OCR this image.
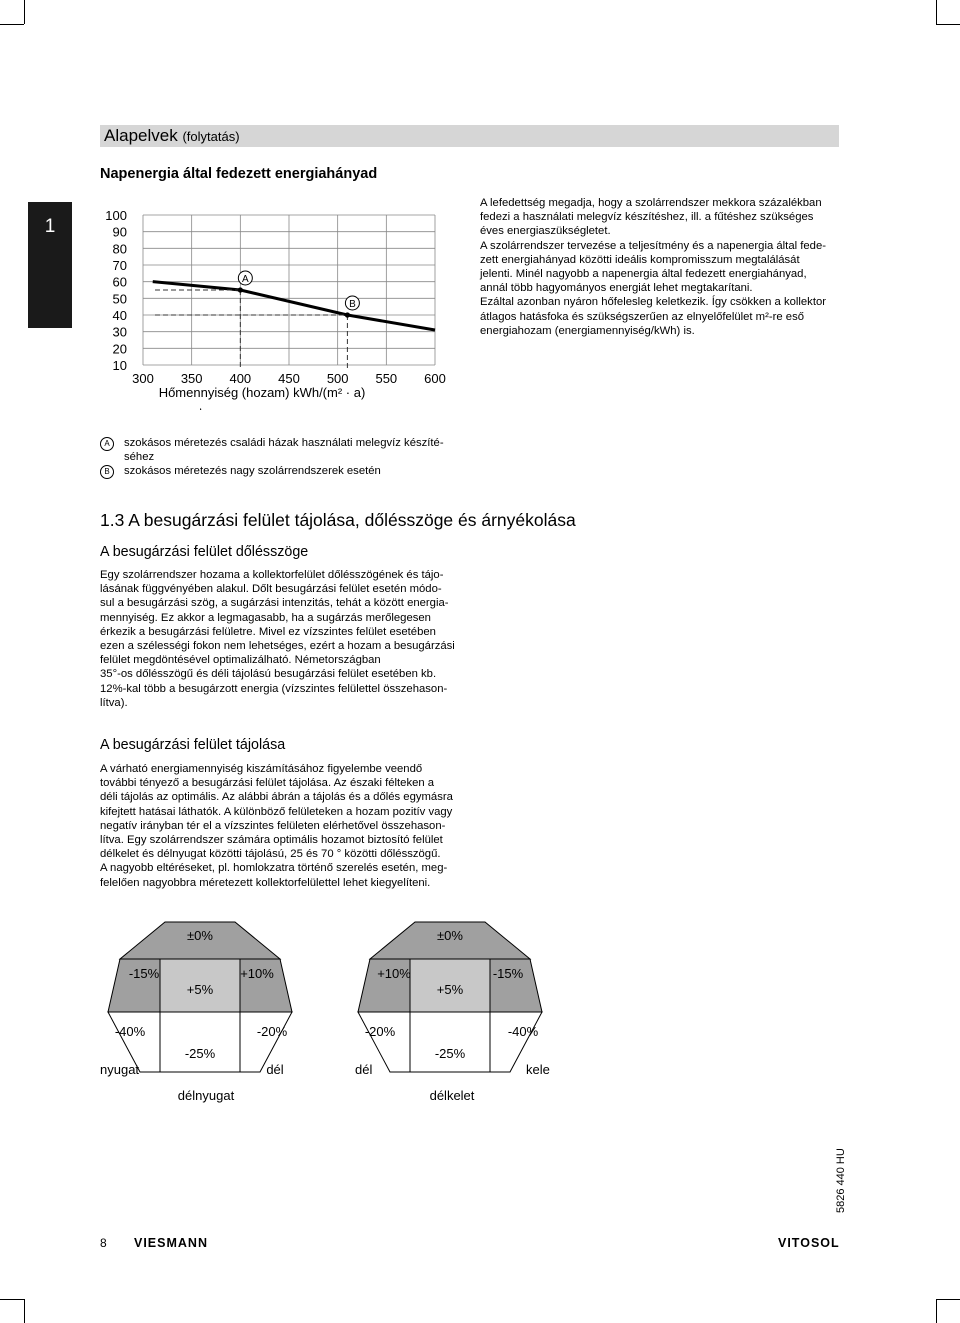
Alapelvek (folytatás)
1
Napenergia által fedezett energiahányad
100
90
80
70
60
50
40
30
20
10
300 350 400 450 500 550 600
A
B
Hőmennyiség (hozam) kWh/(m² · a)
A lefedettség megadja, hogy a szolárrendszer mekkora százalékban
fedezi a használati melegvíz készítéshez, ill. a fűtéshez szükséges
éves energiaszükségletet.
A szolárrendszer tervezése a teljesítmény és a napenergia által fede-
zett energiahányad közötti ideális kompromisszum megtalálását
jelenti. Minél nagyobb a napenergia által fedezett energiahányad,
annál több hagyományos energiát lehet megtakarítani.
Ezáltal azonban nyáron hőfelesleg keletkezik. Így csökken a kollektor
átlagos hatásfoka és szükségszerűen az elnyelőfelület m²-re eső
energiahozam (energiamennyiség/kWh) is.
A szokásos méretezés családi házak használati melegvíz készíté-
séhez
B szokásos méretezés nagy szolárrendszerek esetén
1.3 A besugárzási felület tájolása, dőlésszöge és árnyékolása
A besugárzási felület dőlésszöge
Egy szolárrendszer hozama a kollektorfelület dőlésszögének és tájo-
lásának függvényében alakul. Dőlt besugárzási felület esetén módo-
sul a besugárzási szög, a sugárzási intenzitás, tehát a között energia-
mennyiség. Ez akkor a legmagasabb, ha a sugárzás merőlegesen
érkezik a besugárzási felületre. Mivel ez vízszintes felület esetében
ezen a szélességi fokon nem lehetséges, ezért a hozam a besugárzási
felület megdöntésével optimalizálható. Németországban
35°-os dőlésszögű és déli tájolású besugárzási felület esetében kb.
12%-kal több a besugárzott energia (vízszintes felülettel összehason-
lítva).
A besugárzási felület tájolása
A várható energiamennyiség kiszámításához figyelembe veendő
további tényező a besugárzási felület tájolása. Az északi félteken a
déli tájolás az optimális. Az alábbi ábrán a tájolás és a dőlés egymásra
kifejtett hatásai láthatók. A különböző felületeken a hozam pozitív vagy
negatív irányban tér el a vízszintes felületen elérhetővel összehason-
lítva. Egy szolárrendszer számára optimális hozamot biztosító felület
délkelet és délnyugat közötti tájolású, 25 és 70 ° közötti dőlésszögű.
A nagyobb eltéréseket, pl. homlokzatra történő szerelés esetén, meg-
felelően nagyobbra méretezett kollektorfelülettel lehet kiegyelíteni.
±0%
-15%
+5%
+10%
-40%
-25%
-20%
nyugat
délnyugat
dél
±0%
+10%
+5%
-15%
-20%
-25%
-40%
dél
délkelet
kele
8 VIESMANN	VITOSOL
5826 440 HU
